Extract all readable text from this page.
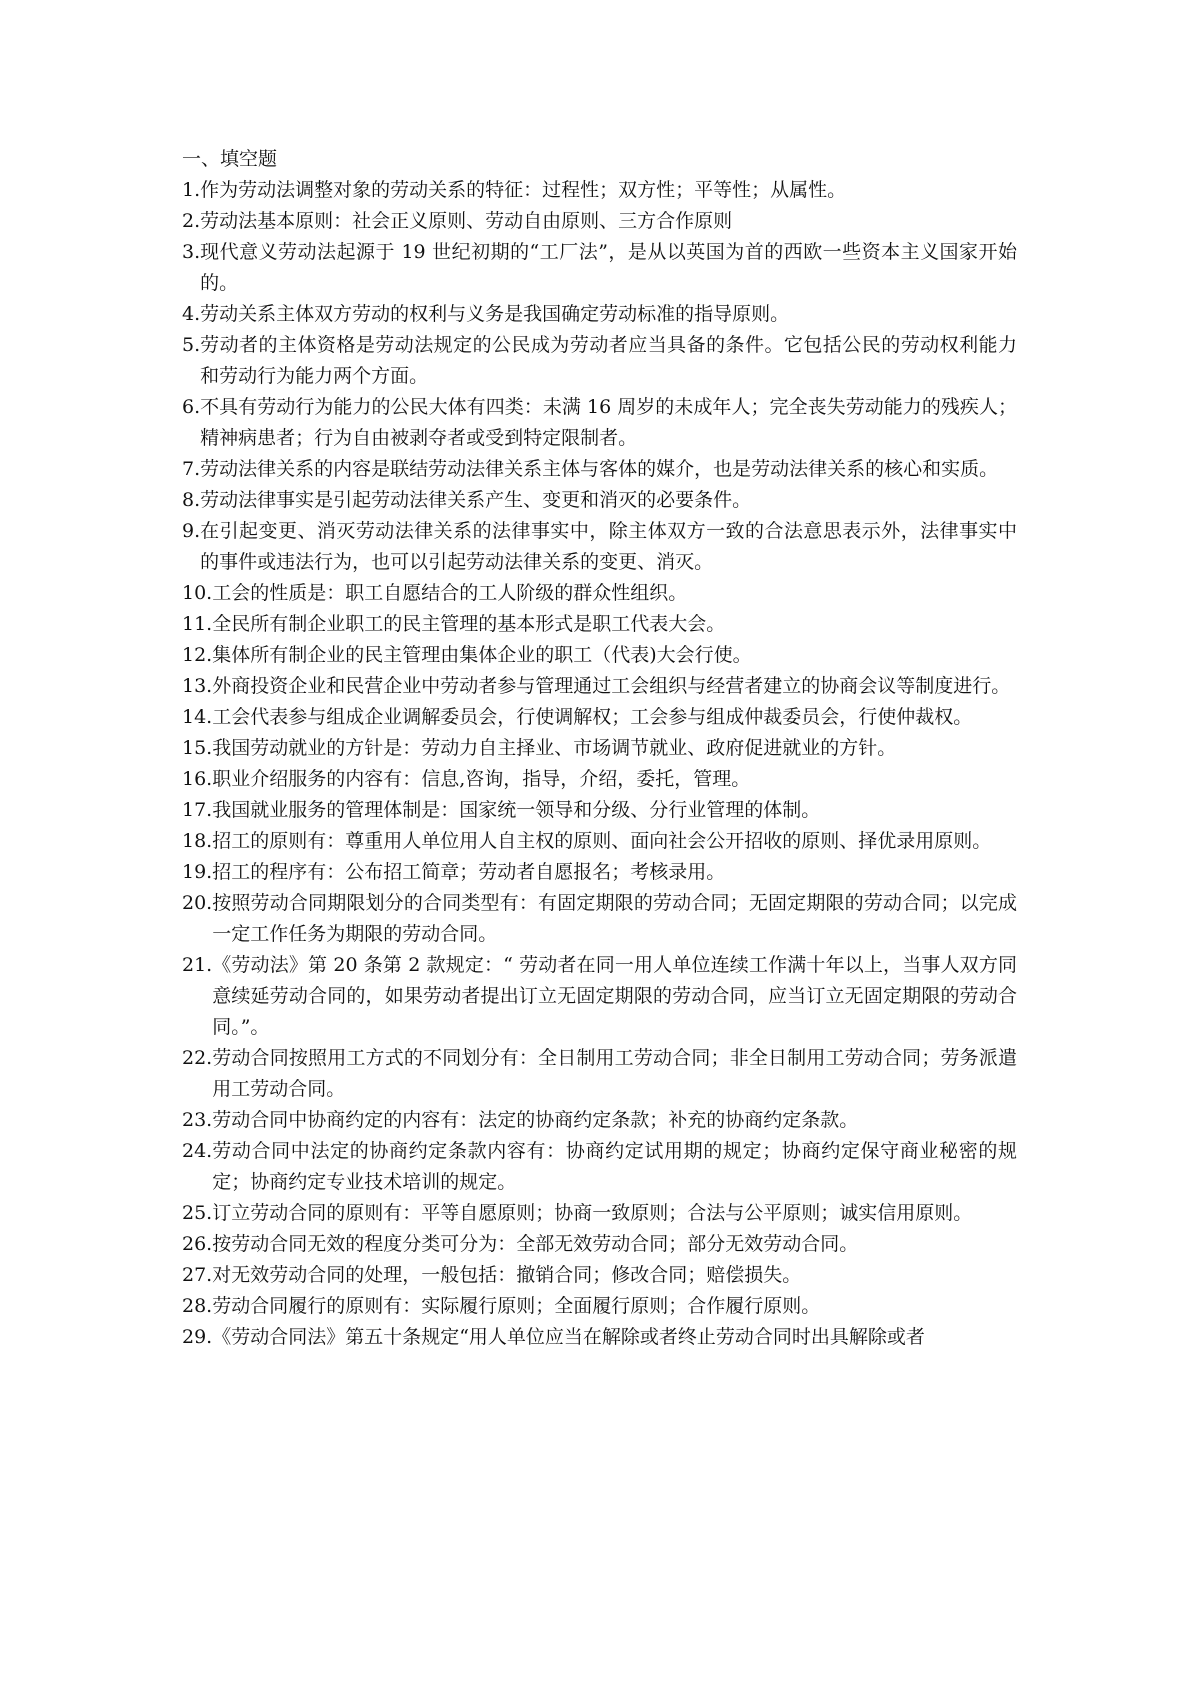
一、填空题

1. 作为劳动法调整对象的劳动关系的特征：过程性；双方性；平等性；从属性。
2. 劳动法基本原则：社会正义原则、劳动自由原则、三方合作原则
3. 现代意义劳动法起源于 19 世纪初期的“工厂法”，是从以英国为首的西欧一些资本主义国家开始的。
4. 劳动关系主体双方劳动的权利与义务是我国确定劳动标准的指导原则。
5. 劳动者的主体资格是劳动法规定的公民成为劳动者应当具备的条件。它包括公民的劳动权利能力和劳动行为能力两个方面。
6. 不具有劳动行为能力的公民大体有四类：未满 16 周岁的未成年人；完全丧失劳动能力的残疾人；精神病患者；行为自由被剥夺者或受到特定限制者。
7. 劳动法律关系的内容是联结劳动法律关系主体与客体的媒介，也是劳动法律关系的核心和实质。
8. 劳动法律事实是引起劳动法律关系产生、变更和消灭的必要条件。
9. 在引起变更、消灭劳动法律关系的法律事实中，除主体双方一致的合法意思表示外，法律事实中的事件或违法行为，也可以引起劳动法律关系的变更、消灭。
10. 工会的性质是：职工自愿结合的工人阶级的群众性组织。
11. 全民所有制企业职工的民主管理的基本形式是职工代表大会。
12. 集体所有制企业的民主管理由集体企业的职工（代表)大会行使。
13. 外商投资企业和民营企业中劳动者参与管理通过工会组织与经营者建立的协商会议等制度进行。
14. 工会代表参与组成企业调解委员会，行使调解权；工会参与组成仲裁委员会，行使仲裁权。
15. 我国劳动就业的方针是：劳动力自主择业、市场调节就业、政府促进就业的方针。
16. 职业介绍服务的内容有：信息,咨询，指导，介绍，委托，管理。
17. 我国就业服务的管理体制是：国家统一领导和分级、分行业管理的体制。
18. 招工的原则有：尊重用人单位用人自主权的原则、面向社会公开招收的原则、择优录用原则。
19. 招工的程序有：公布招工简章；劳动者自愿报名；考核录用。
20. 按照劳动合同期限划分的合同类型有：有固定期限的劳动合同；无固定期限的劳动合同；以完成一定工作任务为期限的劳动合同。
21. 《劳动法》第 20 条第 2 款规定：“ 劳动者在同一用人单位连续工作满十年以上，当事人双方同意续延劳动合同的，如果劳动者提出订立无固定期限的劳动合同，应当订立无固定期限的劳动合同。”。
22. 劳动合同按照用工方式的不同划分有：全日制用工劳动合同；非全日制用工劳动合同；劳务派遣用工劳动合同。
23. 劳动合同中协商约定的内容有：法定的协商约定条款；补充的协商约定条款。
24. 劳动合同中法定的协商约定条款内容有：协商约定试用期的规定；协商约定保守商业秘密的规定；协商约定专业技术培训的规定。
25. 订立劳动合同的原则有：平等自愿原则；协商一致原则；合法与公平原则；诚实信用原则。
26. 按劳动合同无效的程度分类可分为：全部无效劳动合同；部分无效劳动合同。
27. 对无效劳动合同的处理，一般包括：撤销合同；修改合同；赔偿损失。
28. 劳动合同履行的原则有：实际履行原则；全面履行原则；合作履行原则。
29. 《劳动合同法》第五十条规定“用人单位应当在解除或者终止劳动合同时出具解除或者
